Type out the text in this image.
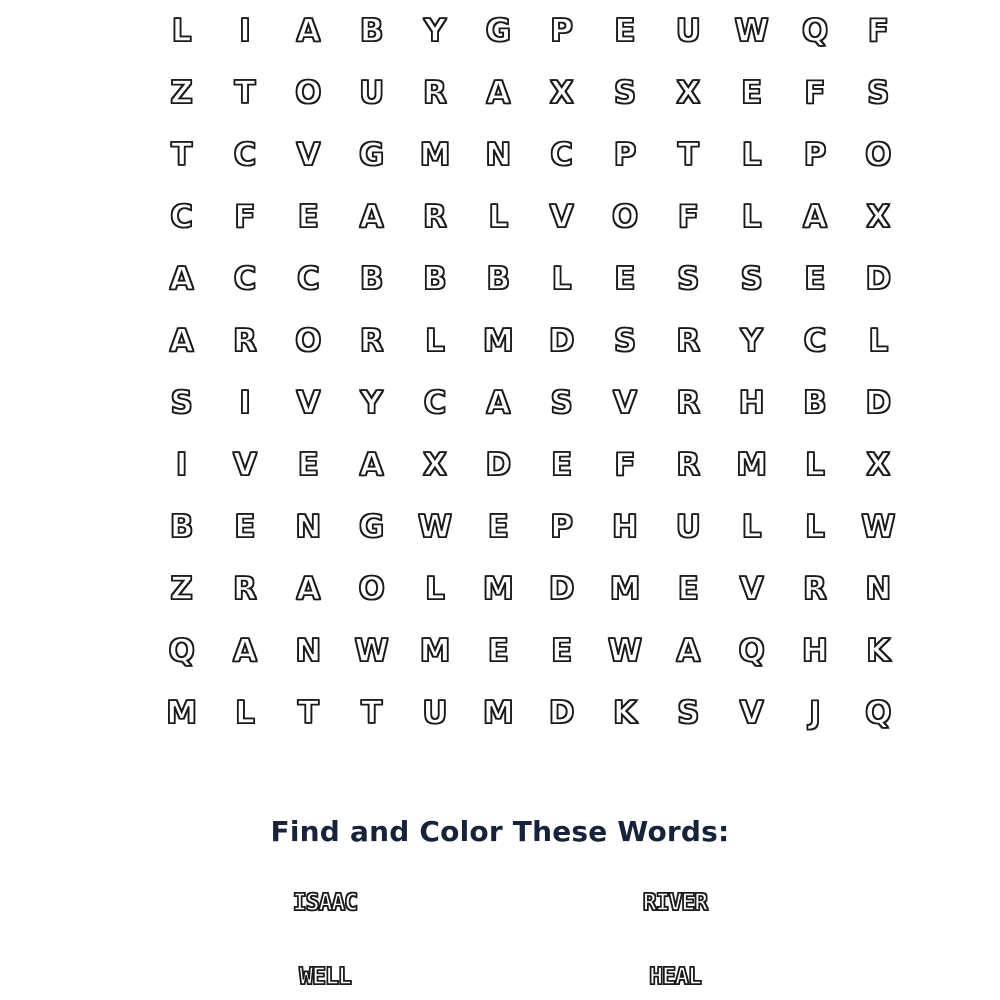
L I A B Y G P E U W Q F
Z T O U R A X S X E F S
T C V G M N C P T L P O
C F E A R L V O F L A X
A C C B B B L E S S E D
A R O R L M D S R Y C L
S I V Y C A S V R H B D
I V E A X D E F R M L X
B E N G W E P H U L L W
Z R A O L M D M E V R N
Q A N W M E E W A Q H K
M L T T U M D K S V J Q
Find and Color These Words:
ISAAC	RIVER
WELL	HEAL
